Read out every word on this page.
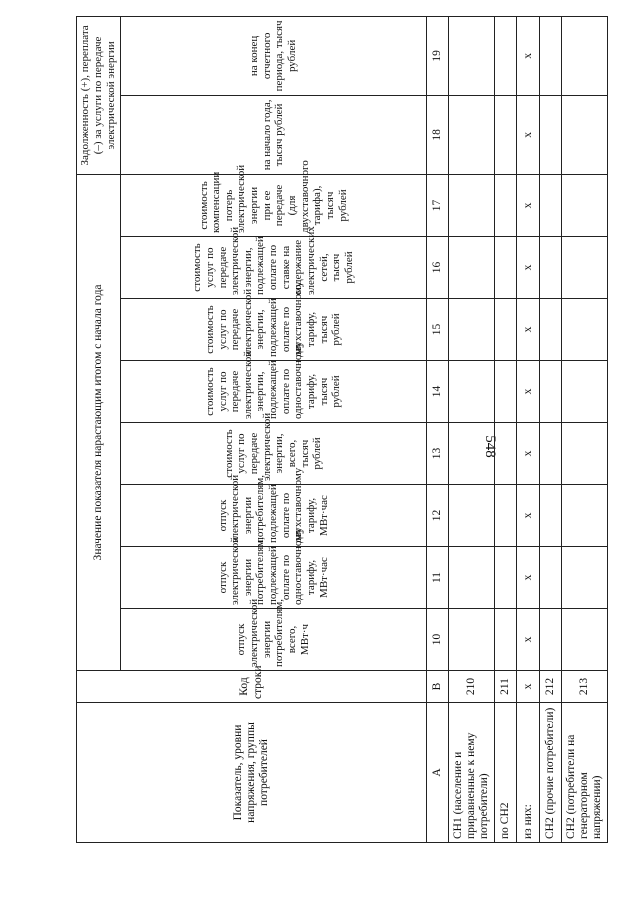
548
Показатель, уровни напряжения, группы потребителей	Код строки	Значение показателя нарастающим итогом с начала года								Задолженность (+), переплата (–) за услуги по передаче электрической энергии	
		отпуск электрической энергии потребителям, всего, МВт·ч	отпуск электрической энергии потребителям, подлежащей оплате по одноставочному тарифу, МВт·час	отпуск электрической энергии потребителям, подлежащей оплате по двухставочному тарифу, МВт·час	стоимость услуг по передаче электрической энергии, всего, тысяч рублей	стоимость услуг по передаче электрической энергии, подлежащей оплате по одноставочному тарифу, тысяч рублей	стоимость услуг по передаче электрической энергии, подлежащей оплате по двухставочному тарифу, тысяч рублей	стоимость услуг по передаче электрической энергии, подлежащей оплате по ставке на содержание электрических сетей, тысяч рублей	стоимость компенсации потерь электрической энергии при ее передаче (для двухставочного тарифа), тысяч рублей	на начало года, тысяч рублей	на конец отчетного периода, тысяч рублей
А	В	10	11	12	13	14	15	16	17	18	19
СН1 (население и приравненные к нему потребители)	210										
по СН2	211										
из них:	х	х	х	х	х	х	х	х	х	х	х
СН2 (прочие потребители)	212										
СН2 (потребители на генераторном напряжении)	213										
